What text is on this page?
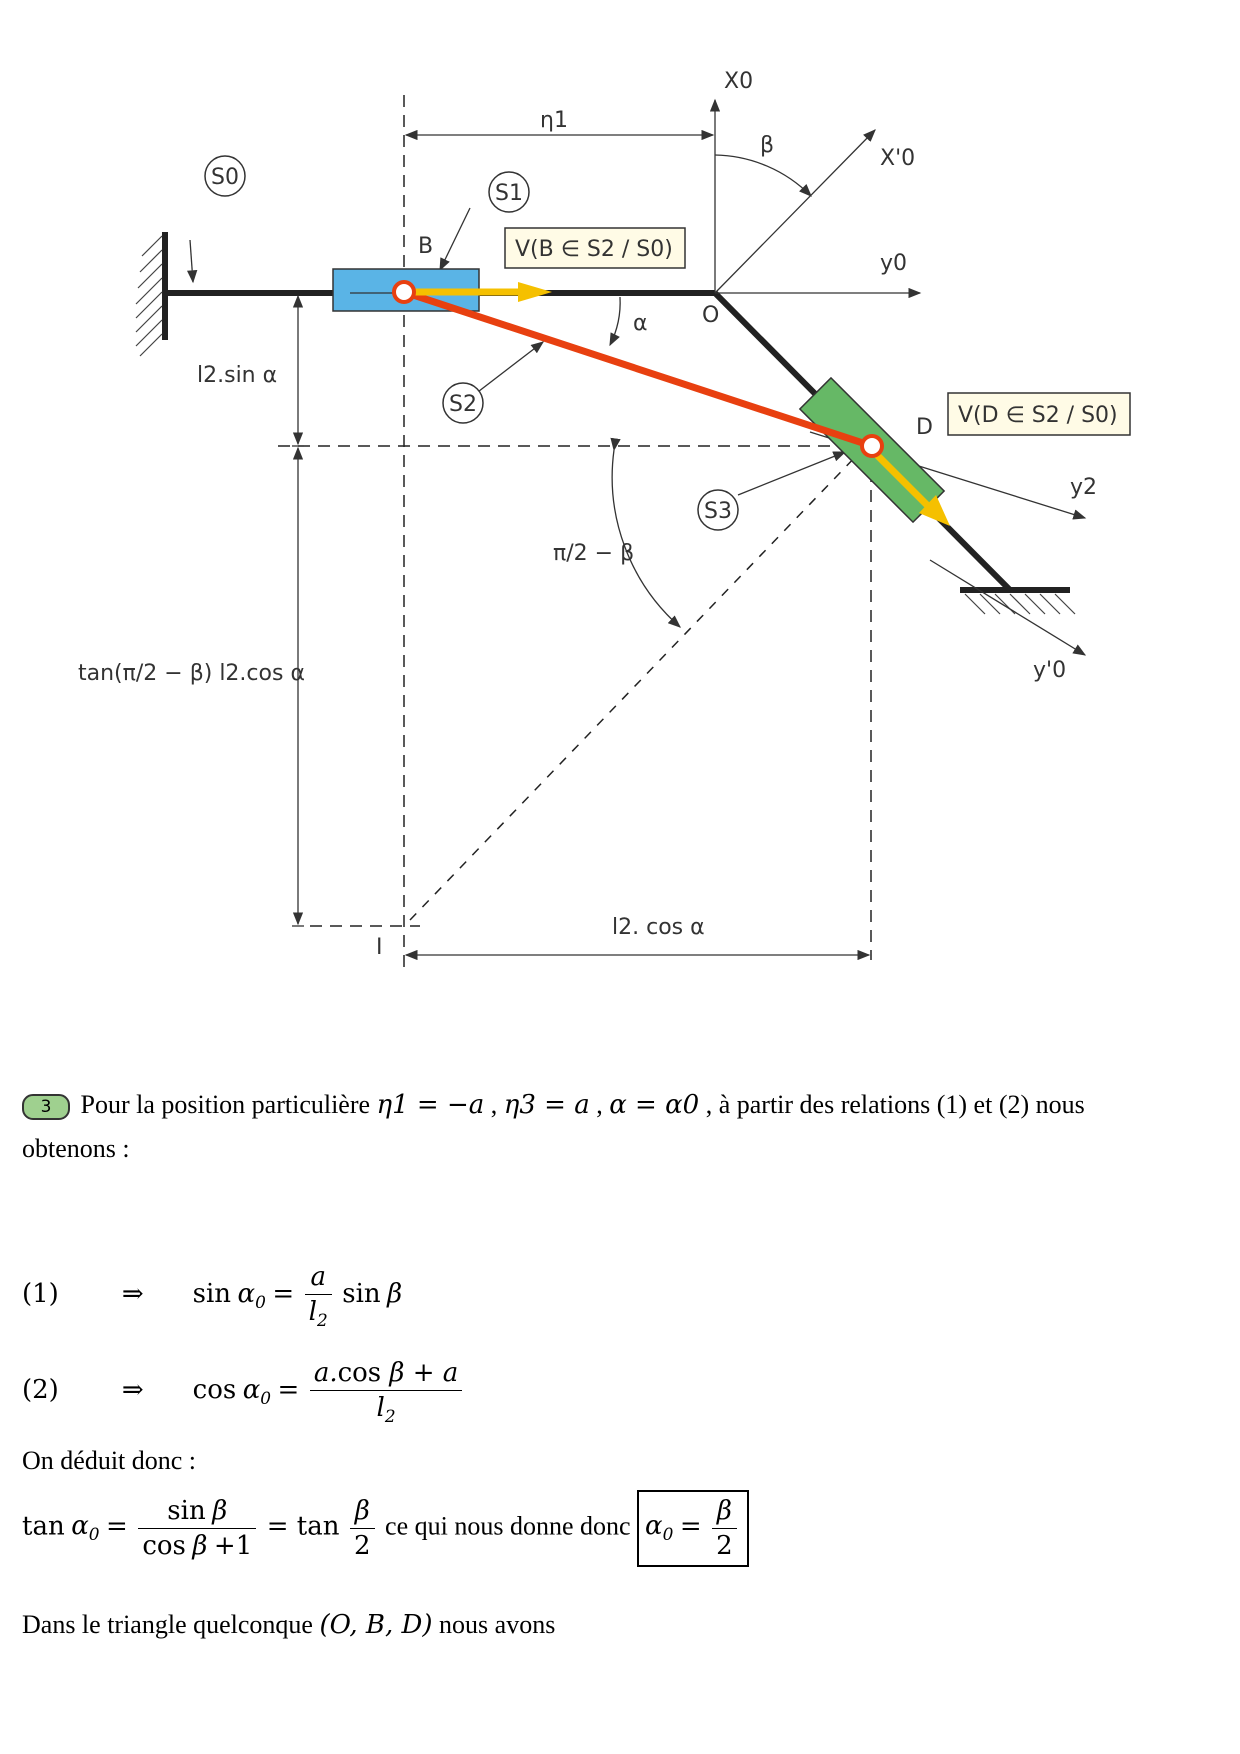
S0
S1
S2
S3
B
O
D
I
X0
X'0
y0
y2
y'0
β
α
π/2 − β
η1
l2.sin α
tan(π/2 − β) l2.cos α
l2. cos α
V(B ∈ S2 / S0)
V(D ∈ S2 / S0)
3 Pour la position particulière η1 = −a , η3 = a , α = α0 , à partir des relations (1) et (2) nous
obtenons :
(1) ⇒ $\sin \alpha_0 = \frac{a}{l_2}$ sin β
(2) ⇒ $\cos \alpha_0 = \frac{\text{a.cos β + a}}{l_2}$
On déduit donc :
$\tan \alpha_0 = \frac{\text{sin β}}{\text{cos β +1}} = \tan \frac{\beta}{2}$ ce qui nous donne donc $\alpha_0 = \frac{\beta}{2}$
Dans le triangle quelconque (O, B, D) nous avons
